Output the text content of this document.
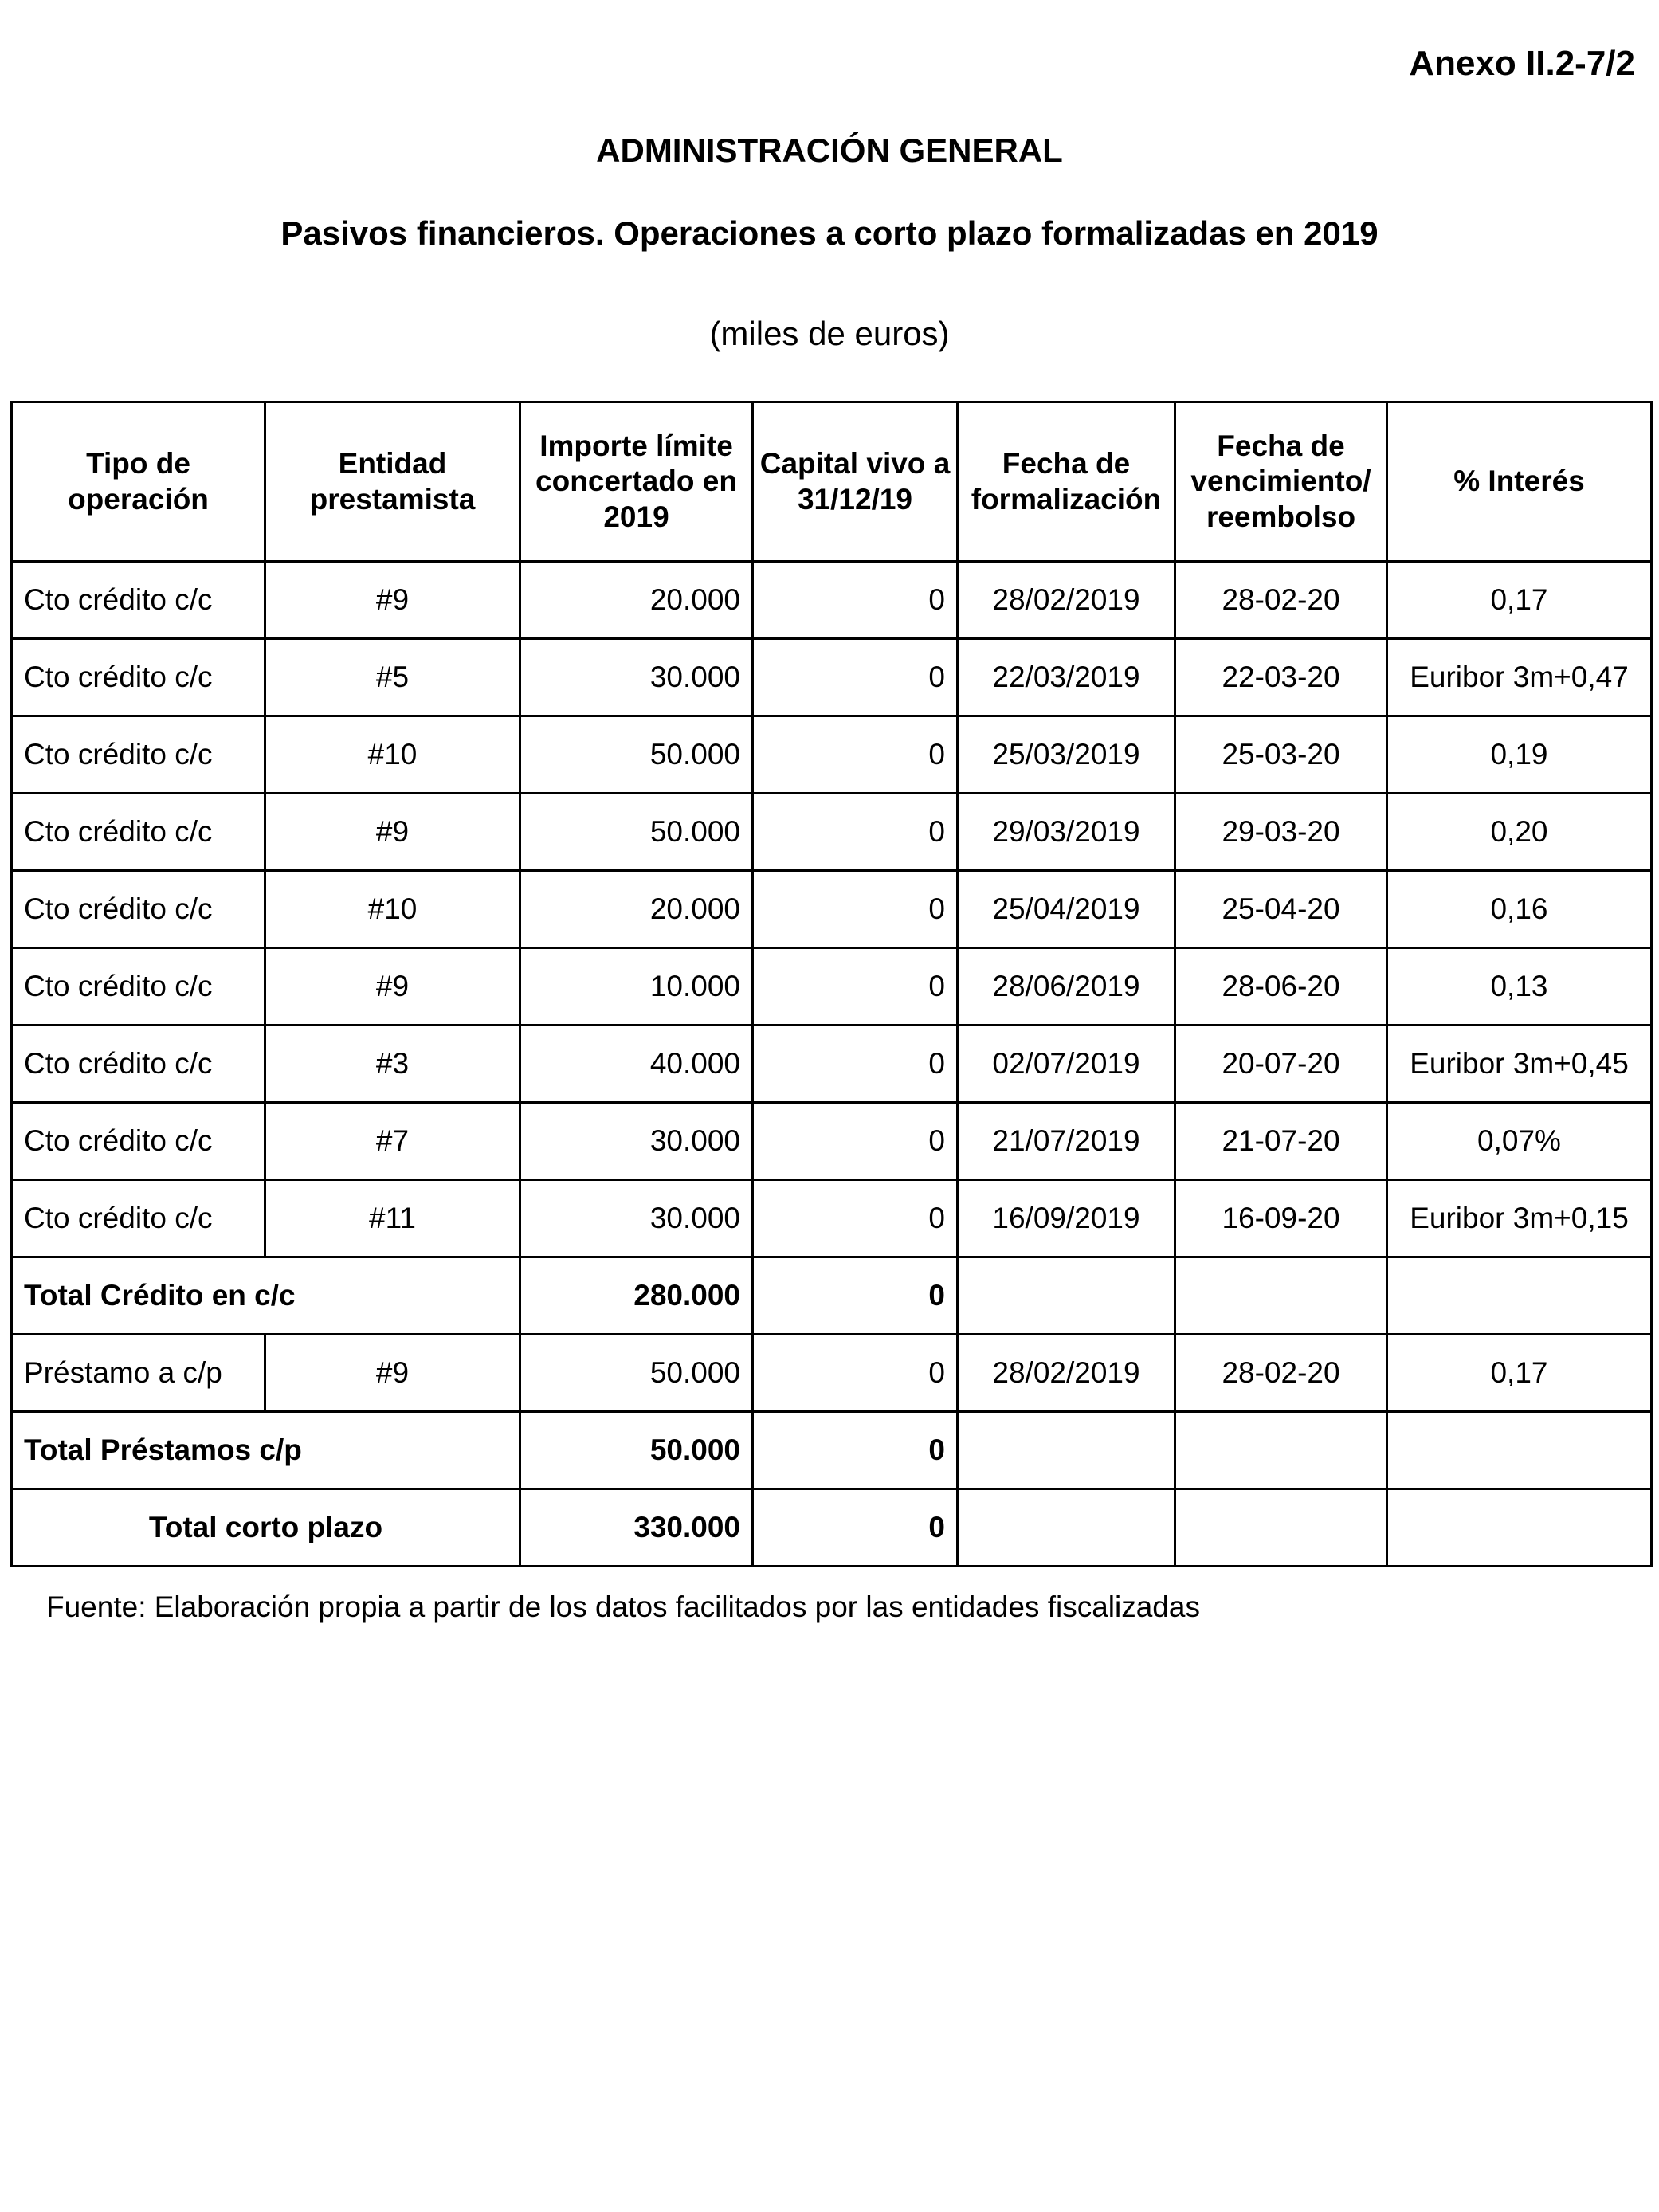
Anexo II.2-7/2
ADMINISTRACIÓN GENERAL
Pasivos financieros. Operaciones a corto plazo formalizadas en 2019
(miles de euros)
Tipo de operación	Entidad prestamista	Importe límite concertado en 2019	Capital vivo a 31/12/19	Fecha de formalización	Fecha de vencimiento/ reembolso	% Interés
Cto crédito c/c	#9	20.000	0	28/02/2019	28-02-20	0,17
Cto crédito c/c	#5	30.000	0	22/03/2019	22-03-20	Euribor 3m+0,47
Cto crédito c/c	#10	50.000	0	25/03/2019	25-03-20	0,19
Cto crédito c/c	#9	50.000	0	29/03/2019	29-03-20	0,20
Cto crédito c/c	#10	20.000	0	25/04/2019	25-04-20	0,16
Cto crédito c/c	#9	10.000	0	28/06/2019	28-06-20	0,13
Cto crédito c/c	#3	40.000	0	02/07/2019	20-07-20	Euribor 3m+0,45
Cto crédito c/c	#7	30.000	0	21/07/2019	21-07-20	0,07%
Cto crédito c/c	#11	30.000	0	16/09/2019	16-09-20	Euribor 3m+0,15
Total Crédito en c/c		280.000	0			
Préstamo a c/p	#9	50.000	0	28/02/2019	28-02-20	0,17
Total Préstamos c/p		50.000	0			
Total corto plazo		330.000	0			
Fuente: Elaboración propia a partir de los datos facilitados por las entidades fiscalizadas
